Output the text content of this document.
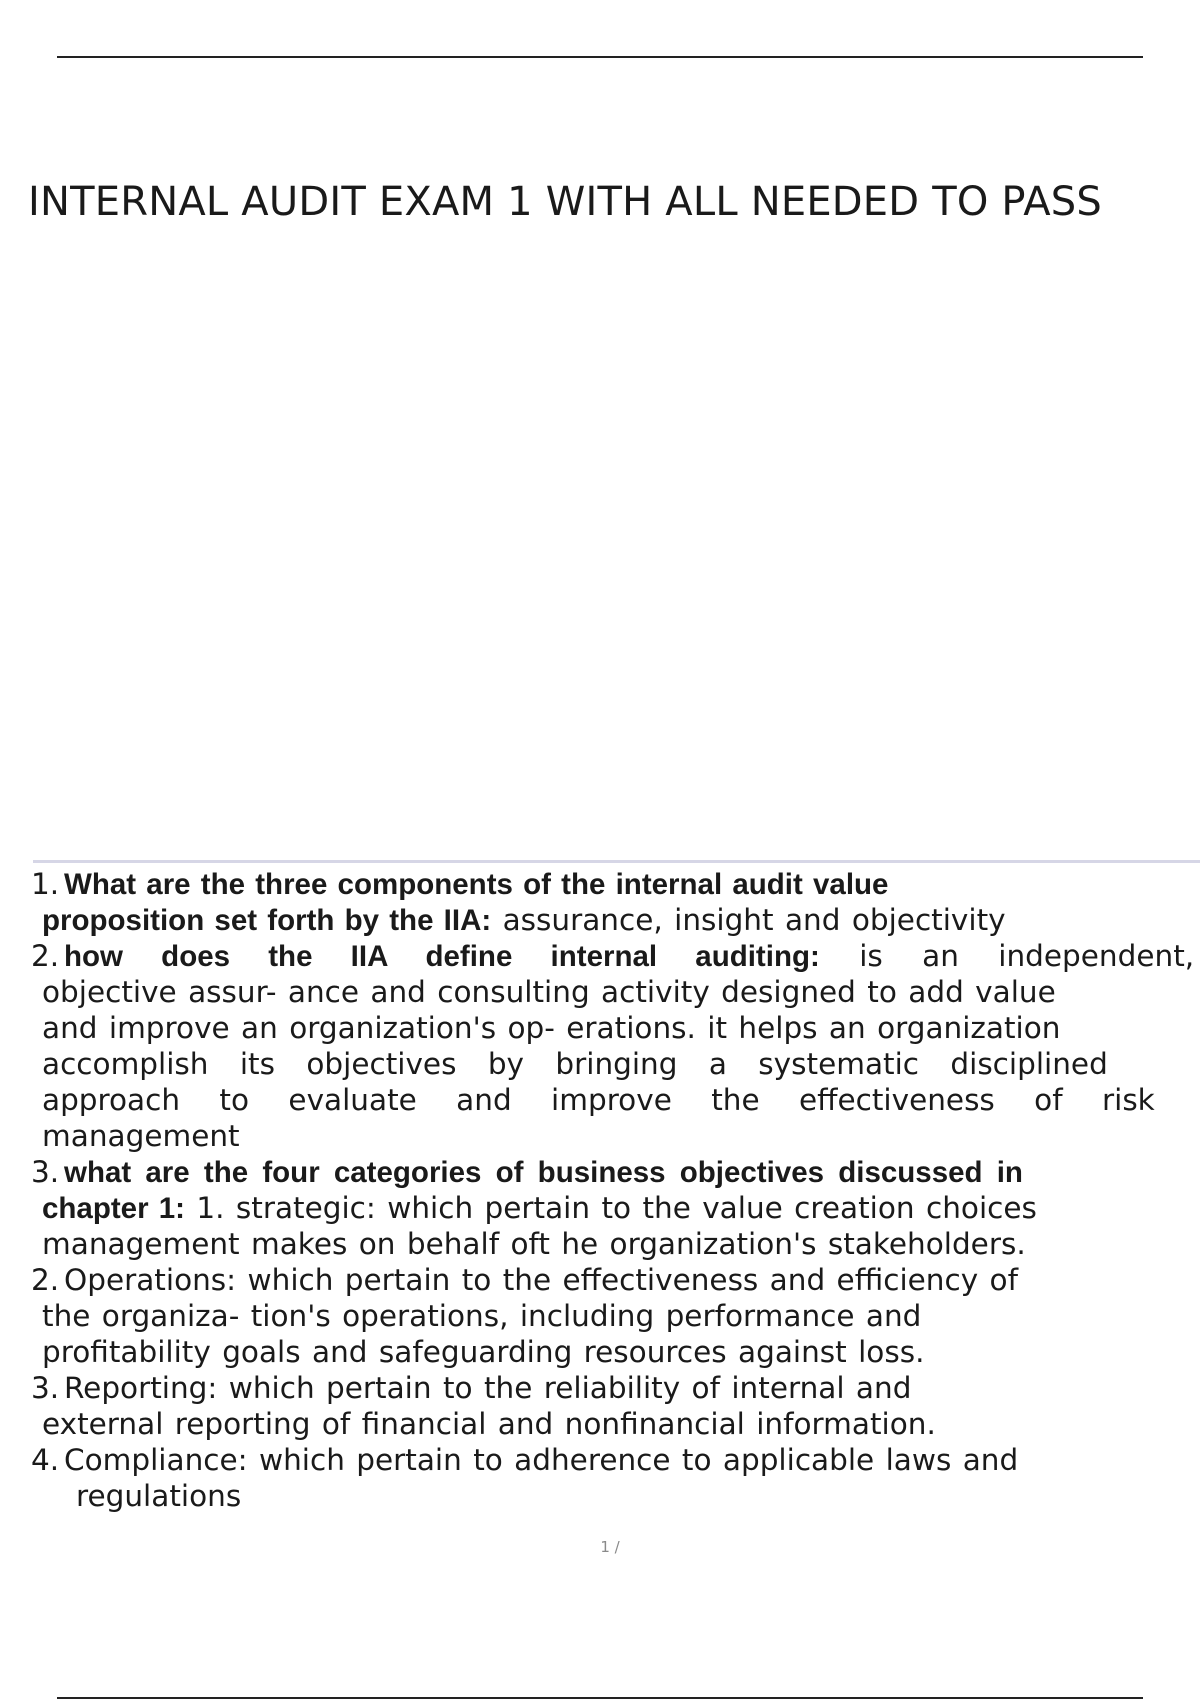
INTERNAL AUDIT EXAM 1 WITH ALL NEEDED TO PASS
1. What are the three components of the internal audit value
proposition set forth by the IIA: assurance, insight and objectivity
2. how does the IIA define internal auditing: is an independent,
objective assur- ance and consulting activity designed to add value
and improve an organization's op- erations. it helps an organization
accomplish its objectives by bringing a systematic disciplined
approach to evaluate and improve the effectiveness of risk
management
3. what are the four categories of business objectives discussed in
chapter 1: 1. strategic: which pertain to the value creation choices
management makes on behalf oft he organization's stakeholders.
2. Operations: which pertain to the effectiveness and efficiency of
the organiza- tion's operations, including performance and
profitability goals and safeguarding resources against loss.
3. Reporting: which pertain to the reliability of internal and
external reporting of financial and nonfinancial information.
4. Compliance: which pertain to adherence to applicable laws and
regulations
1 /
